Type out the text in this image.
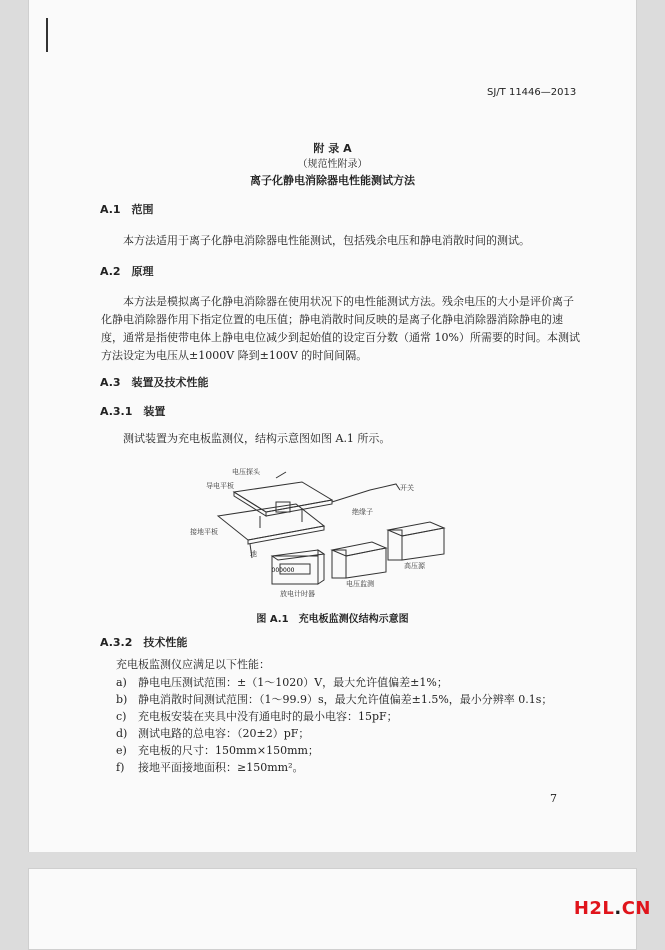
SJ/T 11446—2013
附 录 A
（规范性附录）
离子化静电消除器电性能测试方法
A.1　范围
本方法适用于离子化静电消除器电性能测试，包括残余电压和静电消散时间的测试。
A.2　原理
本方法是模拟离子化静电消除器在使用状况下的电性能测试方法。残余电压的大小是评价离子化静电消除器作用下指定位置的电压值；静电消散时间反映的是离子化静电消除器消除静电的速度，通常是指使带电体上静电电位减少到起始值的设定百分数（通常 10%）所需要的时间。本测试方法设定为电压从±1000V 降到±100V 的时间间隔。
A.3　装置及技术性能
A.3.1　装置
测试装置为充电板监测仪，结构示意图如图 A.1 所示。
000000
电压探头
导电平板
绝缘子
开关
接地平板
地
电压监测
高压源
放电计时器
图 A.1　充电板监测仪结构示意图
A.3.2　技术性能
充电板监测仪应满足以下性能：
a)	静电电压测试范围：±（1～1020）V，最大允许值偏差±1%；
b) 静电消散时间测试范围：（1～99.9）s，最大允许值偏差±1.5%，最小分辨率 0.1s；
c)	充电板安装在夹具中没有通电时的最小电容：15pF；
d) 测试电路的总电容：（20±2）pF；
e)	充电板的尺寸：150mm×150mm；
f)	接地平面接地面积：≥150mm²。
7
H2L.CN
